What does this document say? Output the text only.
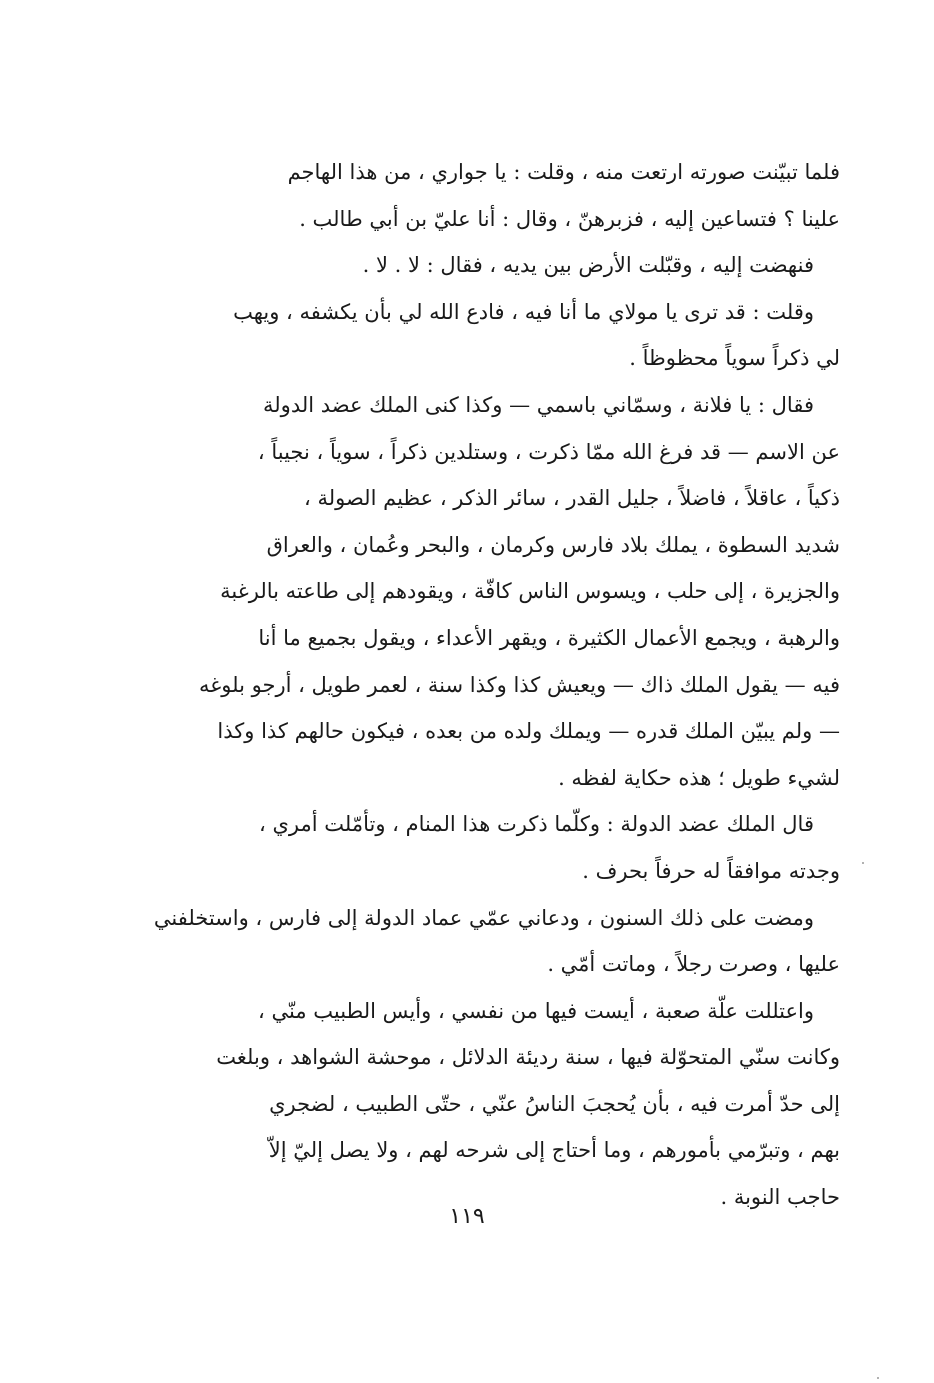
فلما تبيّنت صورته ارتعت منه ، وقلت : يا جواري ، من هذا الهاجم
علينا ؟ فتساعين إليه ، فزبرهنّ ، وقال : أنا عليّ بن أبي طالب .
فنهضت إليه ، وقبّلت الأرض بين يديه ، فقال : لا . لا .
وقلت : قد ترى يا مولاي ما أنا فيه ، فادع الله لي بأن يكشفه ، ويهب
لي ذكراً سوياً محظوظاً .
فقال : يا فلانة ، وسمّاني باسمي — وكذا كنى الملك عضد الدولة
عن الاسم — قد فرغ الله ممّا ذكرت ، وستلدين ذكراً ، سوياً ، نجيباً ،
ذكياً ، عاقلاً ، فاضلاً ، جليل القدر ، سائر الذكر ، عظيم الصولة ،
شديد السطوة ، يملك بلاد فارس وكرمان ، والبحر وعُمان ، والعراق
والجزيرة ، إلى حلب ، ويسوس الناس كافّة ، ويقودهم إلى طاعته بالرغبة
والرهبة ، ويجمع الأعمال الكثيرة ، ويقهر الأعداء ، ويقول بجميع ما أنا
فيه — يقول الملك ذاك — ويعيش كذا وكذا سنة ، لعمر طويل ، أرجو بلوغه
— ولم يبيّن الملك قدره — ويملك ولده من بعده ، فيكون حالهم كذا وكذا
لشيء طويل ؛ هذه حكاية لفظه .
قال الملك عضد الدولة : وكلّما ذكرت هذا المنام ، وتأمّلت أمري ،
وجدته موافقاً له حرفاً بحرف .
ومضت على ذلك السنون ، ودعاني عمّي عماد الدولة إلى فارس ، واستخلفني
عليها ، وصرت رجلاً ، وماتت أمّي .
واعتللت علّة صعبة ، أيست فيها من نفسي ، وأيس الطبيب منّي ،
وكانت سنّي المتحوّلة فيها ، سنة رديئة الدلائل ، موحشة الشواهد ، وبلغت
إلى حدّ أمرت فيه ، بأن يُحجبَ الناسُ عنّي ، حتّى الطبيب ، لضجري
بهم ، وتبرّمي بأمورهم ، وما أحتاج إلى شرحه لهم ، ولا يصل إليّ إلاّ
حاجب النوبة .
١١٩
